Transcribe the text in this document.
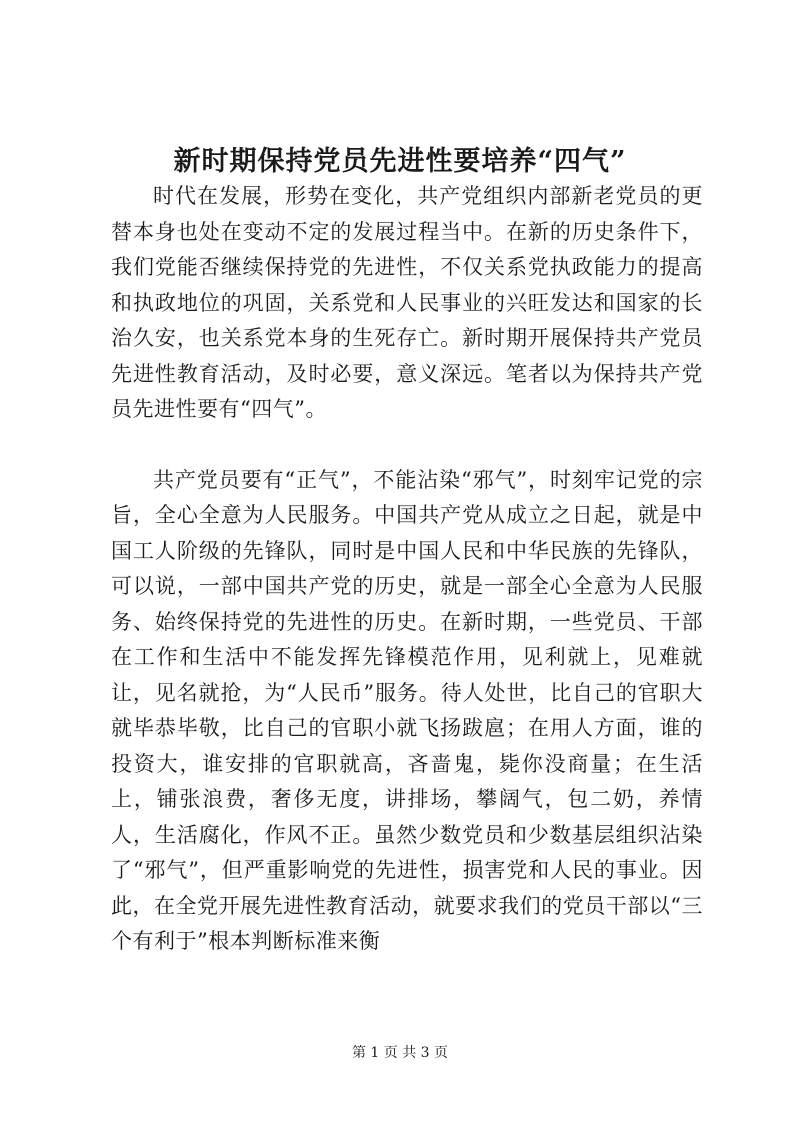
新时期保持党员先进性要培养“四气”

时代在发展，形势在变化，共产党组织内部新老党员的更替本身也处在变动不定的发展过程当中。在新的历史条件下，我们党能否继续保持党的先进性，不仅关系党执政能力的提高和执政地位的巩固，关系党和人民事业的兴旺发达和国家的长治久安，也关系党本身的生死存亡。新时期开展保持共产党员先进性教育活动，及时必要，意义深远。笔者以为保持共产党员先进性要有“四气”。

共产党员要有“正气”，不能沾染“邪气”，时刻牢记党的宗旨，全心全意为人民服务。中国共产党从成立之日起，就是中国工人阶级的先锋队，同时是中国人民和中华民族的先锋队，可以说，一部中国共产党的历史，就是一部全心全意为人民服务、始终保持党的先进性的历史。在新时期，一些党员、干部在工作和生活中不能发挥先锋模范作用，见利就上，见难就让，见名就抢，为“人民币”服务。待人处世，比自己的官职大就毕恭毕敬，比自己的官职小就飞扬跋扈；在用人方面，谁的投资大，谁安排的官职就高，吝啬鬼，毙你没商量；在生活上，铺张浪费，奢侈无度，讲排场，攀阔气，包二奶，养情人，生活腐化，作风不正。虽然少数党员和少数基层组织沾染了“邪气”，但严重影响党的先进性，损害党和人民的事业。因此，在全党开展先进性教育活动，就要求我们的党员干部以“三个有利于”根本判断标准来衡

第 1 页 共 3 页
